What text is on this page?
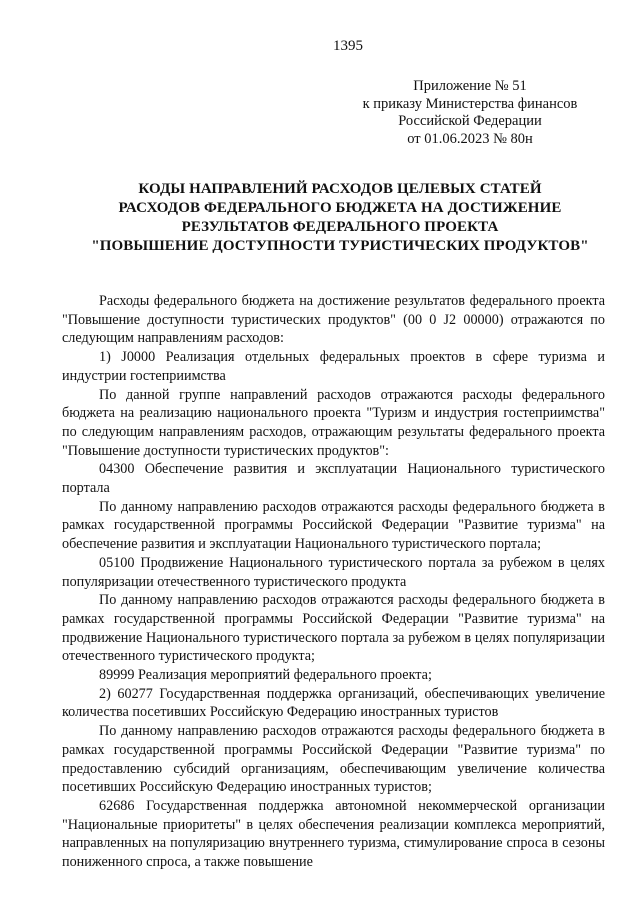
1395
Приложение № 51
к приказу Министерства финансов
Российской Федерации
от 01.06.2023 № 80н
КОДЫ НАПРАВЛЕНИЙ РАСХОДОВ ЦЕЛЕВЫХ СТАТЕЙ
РАСХОДОВ ФЕДЕРАЛЬНОГО БЮДЖЕТА НА ДОСТИЖЕНИЕ
РЕЗУЛЬТАТОВ ФЕДЕРАЛЬНОГО ПРОЕКТА
"ПОВЫШЕНИЕ ДОСТУПНОСТИ ТУРИСТИЧЕСКИХ ПРОДУКТОВ"

Расходы федерального бюджета на достижение результатов федерального проекта "Повышение доступности туристических продуктов" (00 0 J2 00000) отражаются по следующим направлениям расходов:

1) J0000 Реализация отдельных федеральных проектов в сфере туризма и индустрии гостеприимства

По данной группе направлений расходов отражаются расходы федерального бюджета на реализацию национального проекта "Туризм и индустрия гостеприимства" по следующим направлениям расходов, отражающим результаты федерального проекта "Повышение доступности туристических продуктов":

04300 Обеспечение развития и эксплуатации Национального туристического портала

По данному направлению расходов отражаются расходы федерального бюджета в рамках государственной программы Российской Федерации "Развитие туризма" на обеспечение развития и эксплуатации Национального туристического портала;

05100 Продвижение Национального туристического портала за рубежом в целях популяризации отечественного туристического продукта

По данному направлению расходов отражаются расходы федерального бюджета в рамках государственной программы Российской Федерации "Развитие туризма" на продвижение Национального туристического портала за рубежом в целях популяризации отечественного туристического продукта;

89999 Реализация мероприятий федерального проекта;

2) 60277 Государственная поддержка организаций, обеспечивающих увеличение количества посетивших Российскую Федерацию иностранных туристов

По данному направлению расходов отражаются расходы федерального бюджета в рамках государственной программы Российской Федерации "Развитие туризма" по предоставлению субсидий организациям, обеспечивающим увеличение количества посетивших Российскую Федерацию иностранных туристов;

62686 Государственная поддержка автономной некоммерческой организации "Национальные приоритеты" в целях обеспечения реализации комплекса мероприятий, направленных на популяризацию внутреннего туризма, стимулирование спроса в сезоны пониженного спроса, а также повышение
